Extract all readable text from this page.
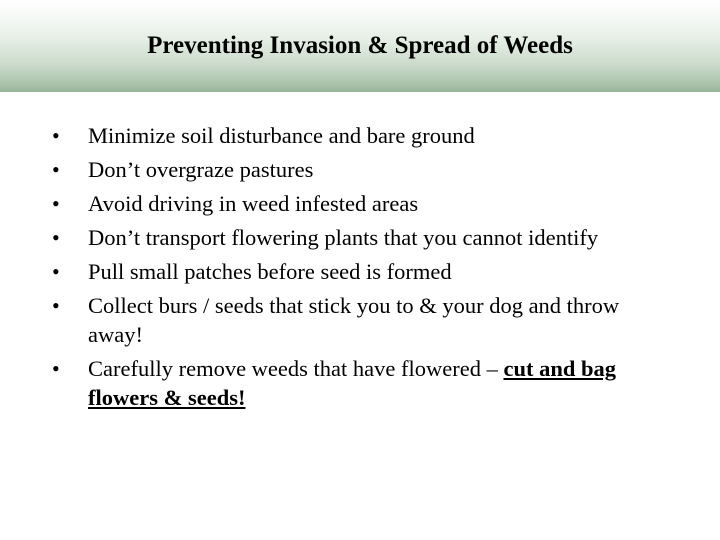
Preventing Invasion & Spread of Weeds
•	Minimize soil disturbance and bare ground
•	Don’t overgraze pastures
•	Avoid driving in weed infested areas
•	Don’t transport flowering plants that you cannot identify
•	Pull small patches before seed is formed
•	Collect burs / seeds that stick you to & your dog and throw away!
•	Carefully remove weeds that have flowered – cut and bag flowers & seeds!
